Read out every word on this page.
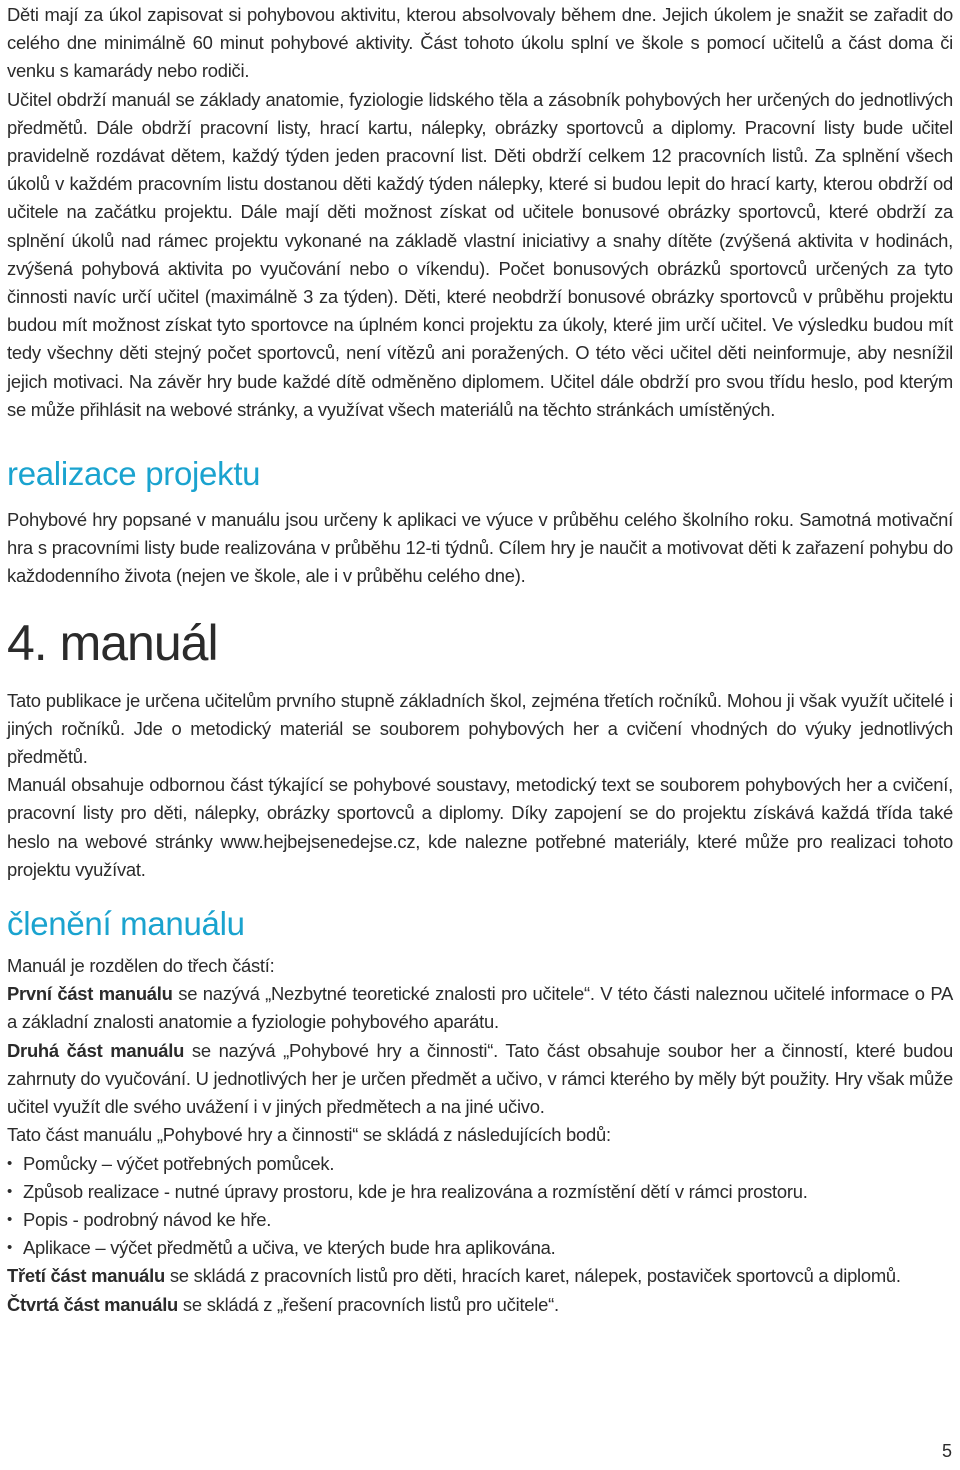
Děti mají za úkol zapisovat si pohybovou aktivitu, kterou absolvovaly během dne. Jejich úkolem je snažit se zařadit do celého dne minimálně 60 minut pohybové aktivity. Část tohoto úkolu splní ve škole s pomocí učitelů a část doma či venku s kamarády nebo rodiči.

Učitel obdrží manuál se základy anatomie, fyziologie lidského těla a zásobník pohybových her určených do jednotlivých předmětů. Dále obdrží pracovní listy, hrací kartu, nálepky, obrázky sportovců a diplomy. Pracovní listy bude učitel pravidelně rozdávat dětem, každý týden jeden pracovní list. Děti obdrží celkem 12 pracovních listů. Za splnění všech úkolů v každém pracovním listu dostanou děti každý týden nálepky, které si budou lepit do hrací karty, kterou obdrží od učitele na začátku projektu. Dále mají děti možnost získat od učitele bonusové obrázky sportovců, které obdrží za splnění úkolů nad rámec projektu vykonané na základě vlastní iniciativy a snahy dítěte (zvýšená aktivita v hodinách, zvýšená pohybová aktivita po vyučování nebo o víkendu). Počet bonusových obrázků sportovců určených za tyto činnosti navíc určí učitel (maximálně 3 za týden). Děti, které neobdrží bonusové obrázky sportovců v průběhu projektu budou mít možnost získat tyto sportovce na úplném konci projektu za úkoly, které jim určí učitel. Ve výsledku budou mít tedy všechny děti stejný počet sportovců, není vítězů ani poražených. O této věci učitel děti neinformuje, aby nesnížil jejich motivaci. Na závěr hry bude každé dítě odměněno diplomem. Učitel dále obdrží pro svou třídu heslo, pod kterým se může přihlásit na webové stránky, a využívat všech materiálů na těchto stránkách umístěných.

realizace projektu

Pohybové hry popsané v manuálu jsou určeny k aplikaci ve výuce v průběhu celého školního roku. Samotná motivační hra s pracovními listy bude realizována v průběhu 12-ti týdnů. Cílem hry je naučit a motivovat děti k zařazení pohybu do každodenního života (nejen ve škole, ale i v průběhu celého dne).

4. manuál

Tato publikace je určena učitelům prvního stupně základních škol, zejména třetích ročníků. Mohou ji však využít učitelé i jiných ročníků. Jde o metodický materiál se souborem pohybových her a cvičení vhodných do výuky jednotlivých předmětů.

Manuál obsahuje odbornou část týkající se pohybové soustavy, metodický text se souborem pohybových her a cvičení, pracovní listy pro děti, nálepky, obrázky sportovců a diplomy. Díky zapojení se do projektu získává každá třída také heslo na webové stránky www.hejbejsenedejse.cz, kde nalezne potřebné materiály, které může pro realizaci tohoto projektu využívat.

členění manuálu

Manuál je rozdělen do třech částí:

První část manuálu se nazývá „Nezbytné teoretické znalosti pro učitele“. V této části naleznou učitelé informace o PA a základní znalosti anatomie a fyziologie pohybového aparátu.

Druhá část manuálu se nazývá „Pohybové hry a činnosti“. Tato část obsahuje soubor her a činností, které budou zahrnuty do vyučování. U jednotlivých her je určen předmět a učivo, v rámci kterého by měly být použity. Hry však může učitel využít dle svého uvážení i v jiných předmětech a na jiné učivo.

Tato část manuálu „Pohybové hry a činnosti“ se skládá z následujících bodů:

• Pomůcky – výčet potřebných pomůcek.
• Způsob realizace - nutné úpravy prostoru, kde je hra realizována a rozmístění dětí v rámci prostoru.
• Popis - podrobný návod ke hře.
• Aplikace – výčet předmětů a učiva, ve kterých bude hra aplikována.

Třetí část manuálu se skládá z pracovních listů pro děti, hracích karet, nálepek, postaviček sportovců a diplomů.

Čtvrtá část manuálu se skládá z „řešení pracovních listů pro učitele“.

5
